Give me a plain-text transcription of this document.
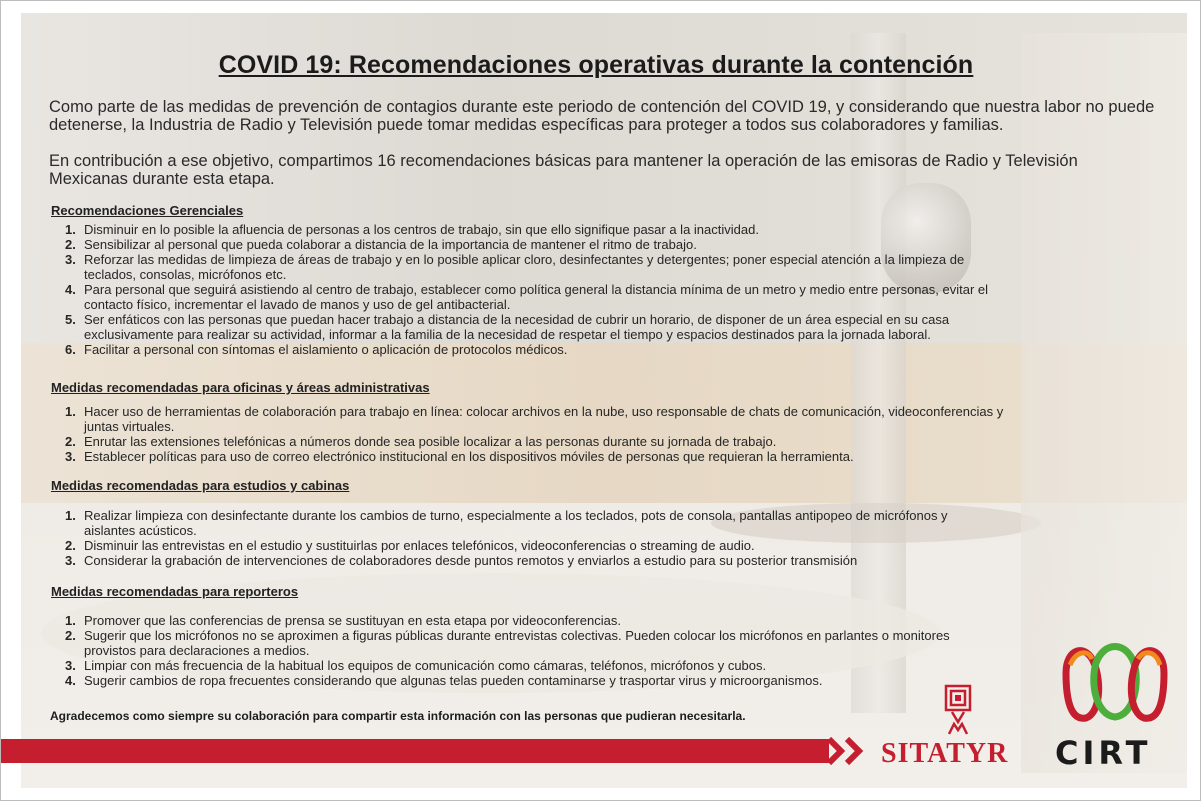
COVID 19: Recomendaciones operativas durante la contención

Como parte de las medidas de prevención de contagios durante este periodo de contención del COVID 19, y considerando que nuestra labor no puede detenerse, la Industria de Radio y Televisión puede tomar medidas específicas para proteger a todos sus colaboradores y familias.

En contribución a ese objetivo, compartimos 16 recomendaciones básicas para mantener la operación de las emisoras de Radio y Televisión Mexicanas durante esta etapa.

Recomendaciones Gerenciales

1. Disminuir en lo posible la afluencia de personas a los centros de trabajo, sin que ello signifique pasar a la inactividad.
2. Sensibilizar al personal que pueda colaborar a distancia de la importancia de mantener el ritmo de trabajo.
3. Reforzar las medidas de limpieza de áreas de trabajo y en lo posible aplicar cloro, desinfectantes y detergentes; poner especial atención a la limpieza de teclados, consolas, micrófonos etc.
4. Para personal que seguirá asistiendo al centro de trabajo, establecer como política general la distancia mínima de un metro y medio entre personas, evitar el contacto físico, incrementar el lavado de manos y uso de gel antibacterial.
5. Ser enfáticos con las personas que puedan hacer trabajo a distancia de la necesidad de cubrir un horario, de disponer de un área especial en su casa exclusivamente para realizar su actividad, informar a la familia de la necesidad de respetar el tiempo y espacios destinados para la jornada laboral.
6. Facilitar a personal con síntomas el aislamiento o aplicación de protocolos médicos.

Medidas recomendadas para oficinas y áreas administrativas

1. Hacer uso de herramientas de colaboración para trabajo en línea: colocar archivos en la nube, uso responsable de chats de comunicación, videoconferencias y juntas virtuales.
2. Enrutar las extensiones telefónicas a números donde sea posible localizar a las personas durante su jornada de trabajo.
3. Establecer políticas para uso de correo electrónico institucional en los dispositivos móviles de personas que requieran la herramienta.

Medidas recomendadas para estudios y cabinas

1. Realizar limpieza con desinfectante durante los cambios de turno, especialmente a los teclados, pots de consola, pantallas antipopeo de micrófonos y aislantes acústicos.
2. Disminuir las entrevistas en el estudio y sustituirlas por enlaces telefónicos, videoconferencias o streaming de audio.
3. Considerar la grabación de intervenciones de colaboradores desde puntos remotos y enviarlos a estudio para su posterior transmisión

Medidas recomendadas para reporteros

1. Promover que las conferencias de prensa se sustituyan en esta etapa por videoconferencias.
2. Sugerir que los micrófonos no se aproximen a figuras públicas durante entrevistas colectivas. Pueden colocar los micrófonos en parlantes o monitores provistos para declaraciones a medios.
3. Limpiar con más frecuencia de la habitual los equipos de comunicación como cámaras, teléfonos, micrófonos y cubos.
4. Sugerir cambios de ropa frecuentes considerando que algunas telas pueden contaminarse y trasportar virus y microorganismos.

Agradecemos como siempre su colaboración para compartir esta información con las personas que pudieran necesitarla.

SITATYR CIRT
